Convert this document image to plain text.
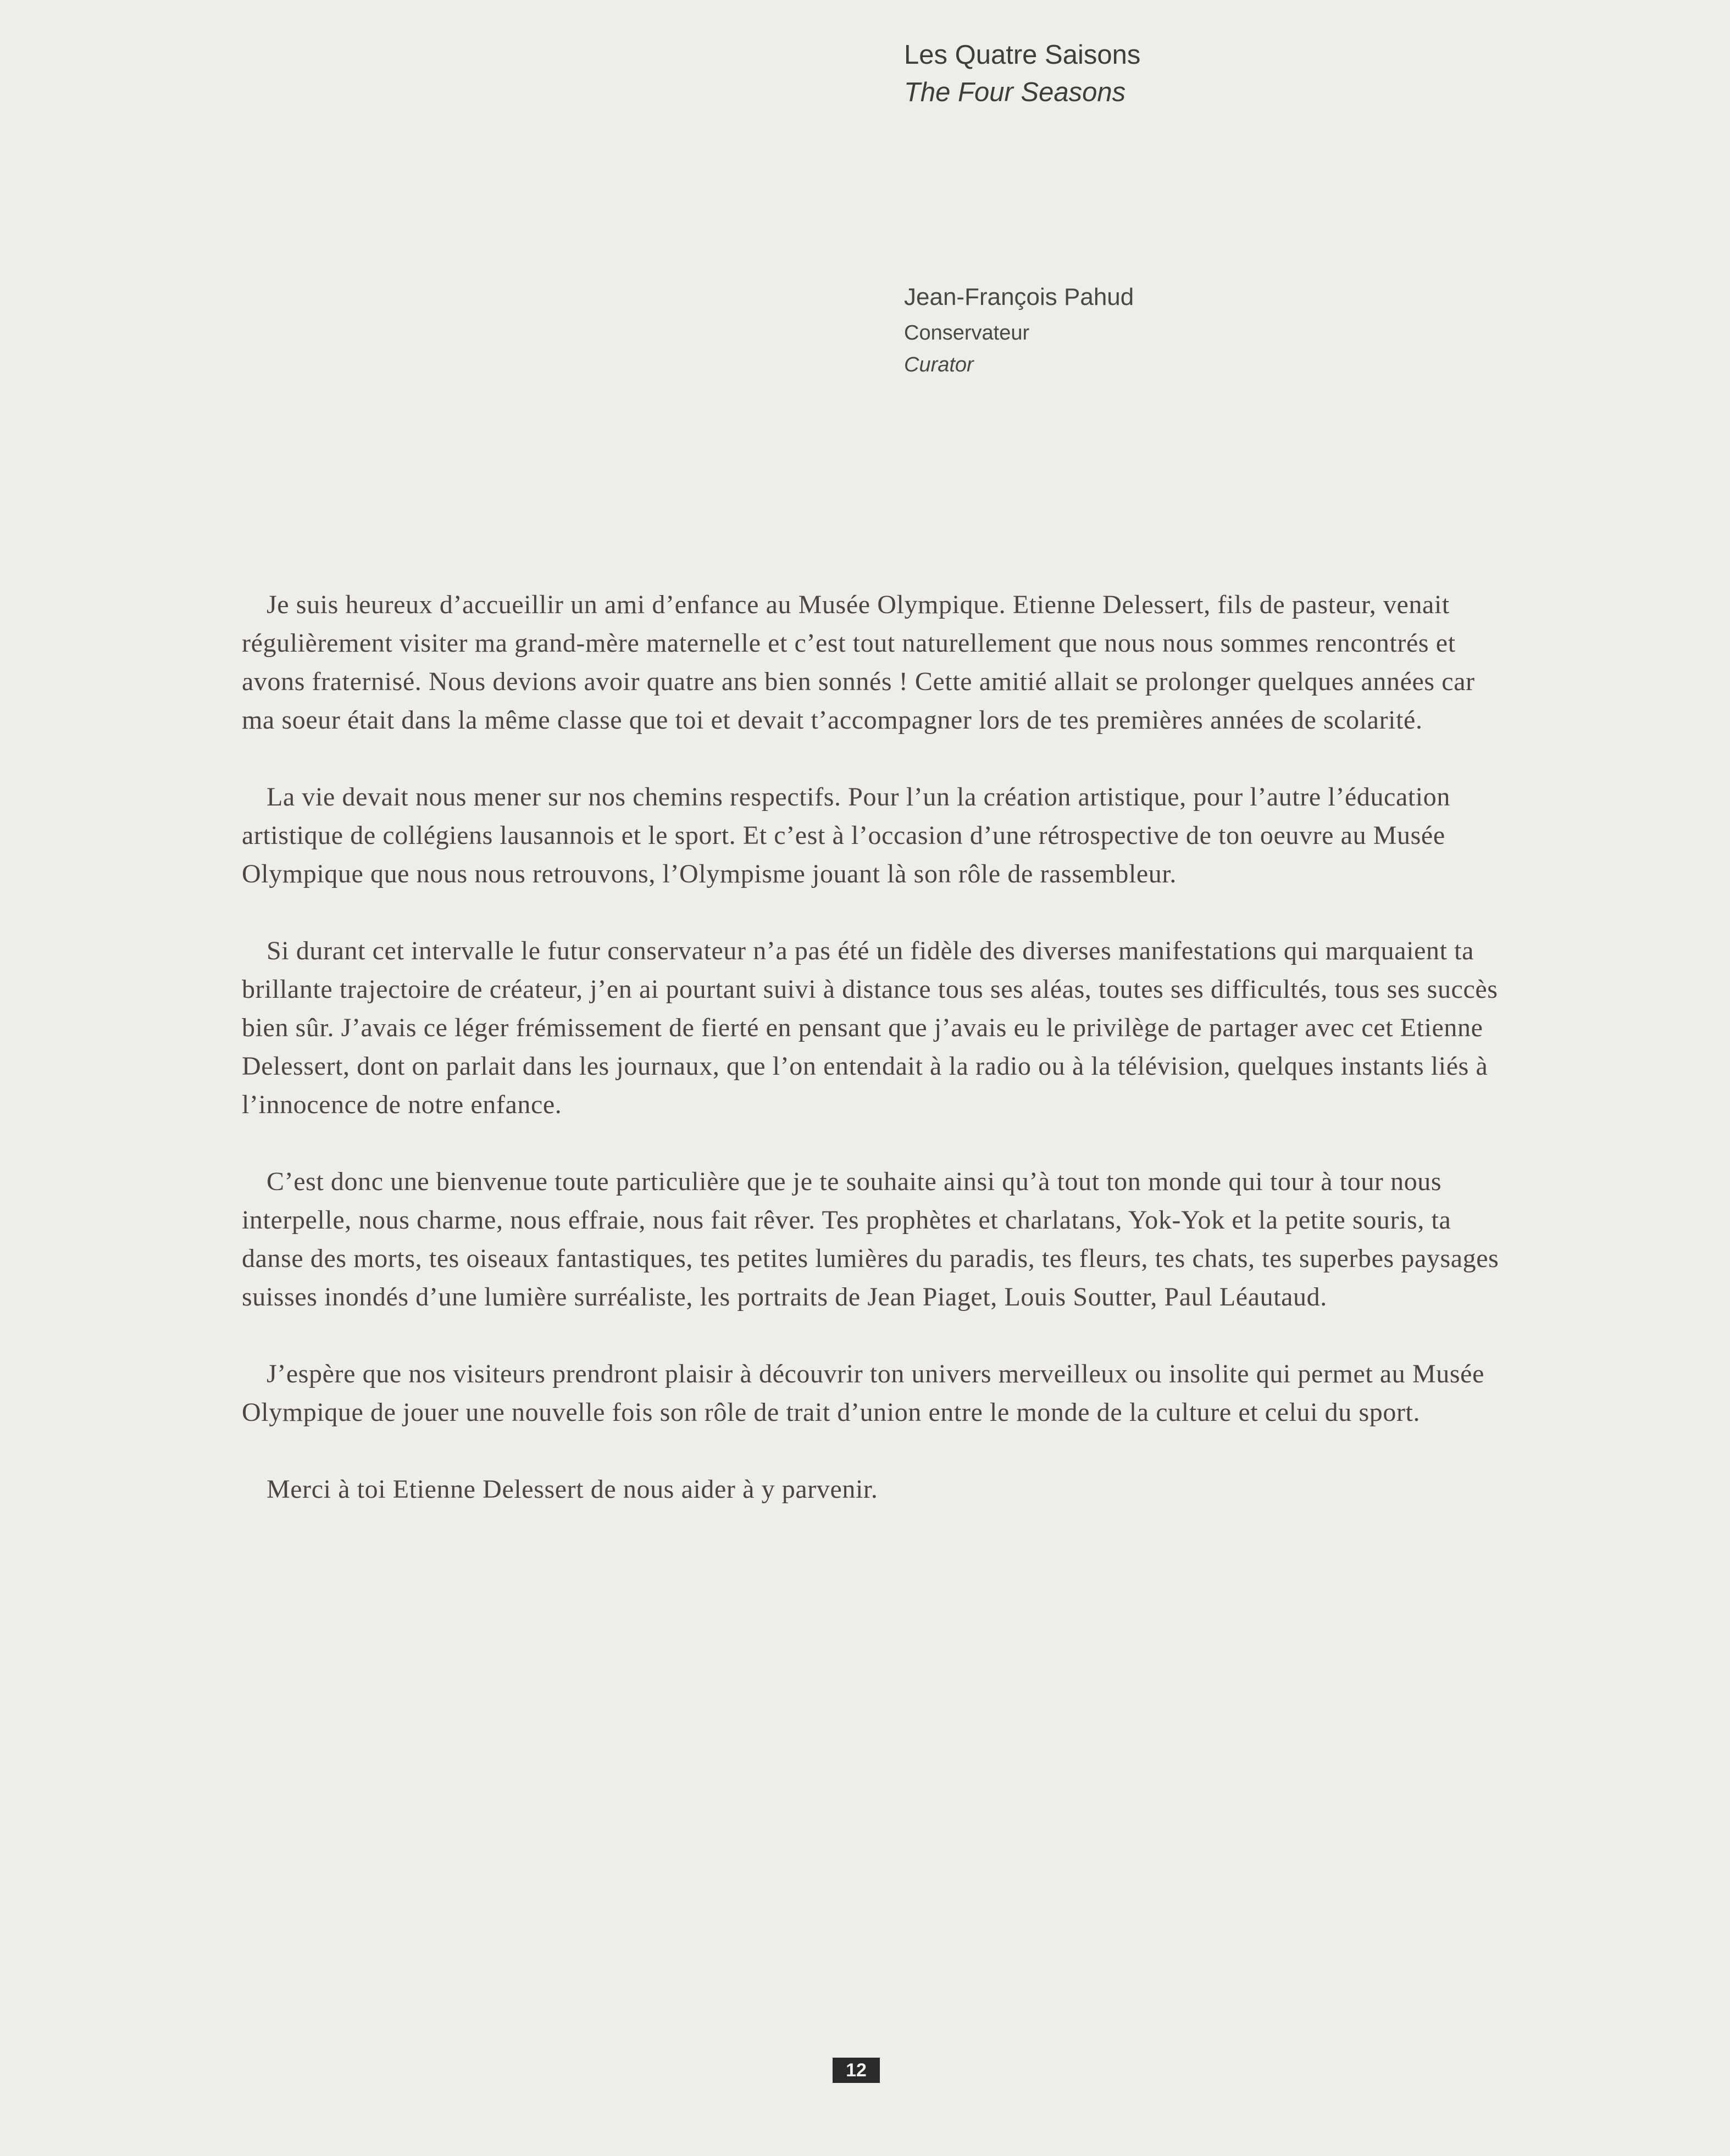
Les Quatre Saisons
The Four Seasons

Jean-François Pahud

Conservateur

Curator

Je suis heureux d’accueillir un ami d’enfance au Musée Olympique. Etienne Delessert, fils de pasteur, venait régulièrement visiter ma grand-mère maternelle et c’est tout naturellement que nous nous sommes rencontrés et avons fraternisé. Nous devions avoir quatre ans bien sonnés ! Cette amitié allait se prolonger quelques années car ma soeur était dans la même classe que toi et devait t’accompagner lors de tes premières années de scolarité.

La vie devait nous mener sur nos chemins respectifs. Pour l’un la création artistique, pour l’autre l’éducation artistique de collégiens lausannois et le sport. Et c’est à l’occasion d’une rétrospective de ton oeuvre au Musée Olympique que nous nous retrouvons, l’Olympisme jouant là son rôle de rassembleur.

Si durant cet intervalle le futur conservateur n’a pas été un fidèle des diverses manifestations qui marquaient ta brillante trajectoire de créateur, j’en ai pourtant suivi à distance tous ses aléas, toutes ses difficultés, tous ses succès bien sûr. J’avais ce léger frémissement de fierté en pensant que j’avais eu le privilège de partager avec cet Etienne Delessert, dont on parlait dans les journaux, que l’on entendait à la radio ou à la télévision, quelques instants liés à l’innocence de notre enfance.

C’est donc une bienvenue toute particulière que je te souhaite ainsi qu’à tout ton monde qui tour à tour nous interpelle, nous charme, nous effraie, nous fait rêver. Tes prophètes et charlatans, Yok-Yok et la petite souris, ta danse des morts, tes oiseaux fantastiques, tes petites lumières du paradis, tes fleurs, tes chats, tes superbes paysages suisses inondés d’une lumière surréaliste, les portraits de Jean Piaget, Louis Soutter, Paul Léautaud.

J’espère que nos visiteurs prendront plaisir à découvrir ton univers merveilleux ou insolite qui permet au Musée Olympique de jouer une nouvelle fois son rôle de trait d’union entre le monde de la culture et celui du sport.

Merci à toi Etienne Delessert de nous aider à y parvenir.

12
